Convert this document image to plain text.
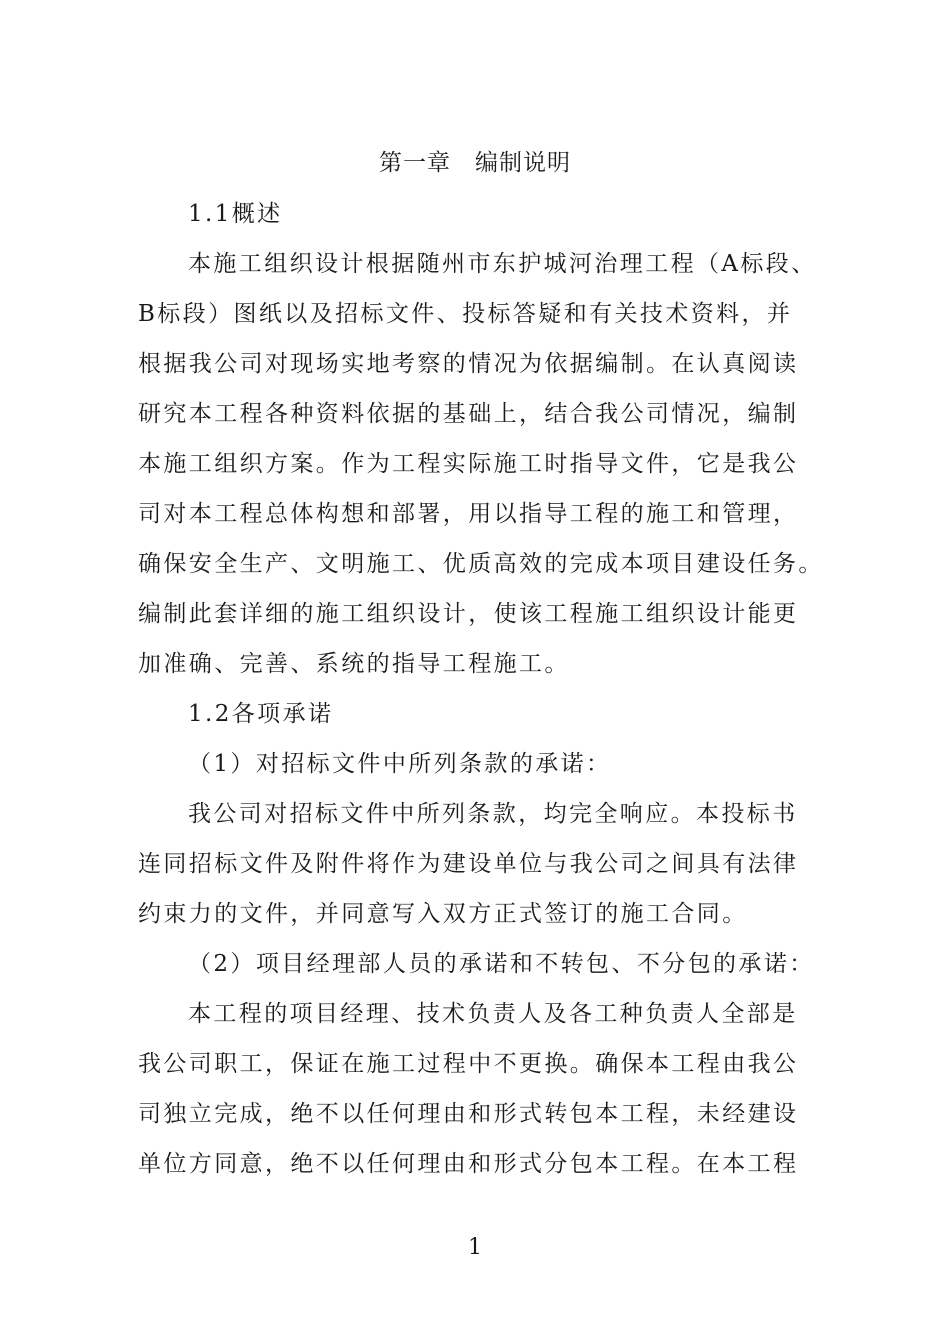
第一章　编制说明
1.1概述
本施工组织设计根据随州市东护城河治理工程（A标段、
B标段）图纸以及招标文件、投标答疑和有关技术资料，并
根据我公司对现场实地考察的情况为依据编制。在认真阅读
研究本工程各种资料依据的基础上，结合我公司情况，编制
本施工组织方案。作为工程实际施工时指导文件，它是我公
司对本工程总体构想和部署，用以指导工程的施工和管理，
确保安全生产、文明施工、优质高效的完成本项目建设任务。
编制此套详细的施工组织设计，使该工程施工组织设计能更
加准确、完善、系统的指导工程施工。
1.2各项承诺
（1）对招标文件中所列条款的承诺：
我公司对招标文件中所列条款，均完全响应。本投标书
连同招标文件及附件将作为建设单位与我公司之间具有法律
约束力的文件，并同意写入双方正式签订的施工合同。
（2）项目经理部人员的承诺和不转包、不分包的承诺：
本工程的项目经理、技术负责人及各工种负责人全部是
我公司职工，保证在施工过程中不更换。确保本工程由我公
司独立完成，绝不以任何理由和形式转包本工程，未经建设
单位方同意，绝不以任何理由和形式分包本工程。在本工程
1
